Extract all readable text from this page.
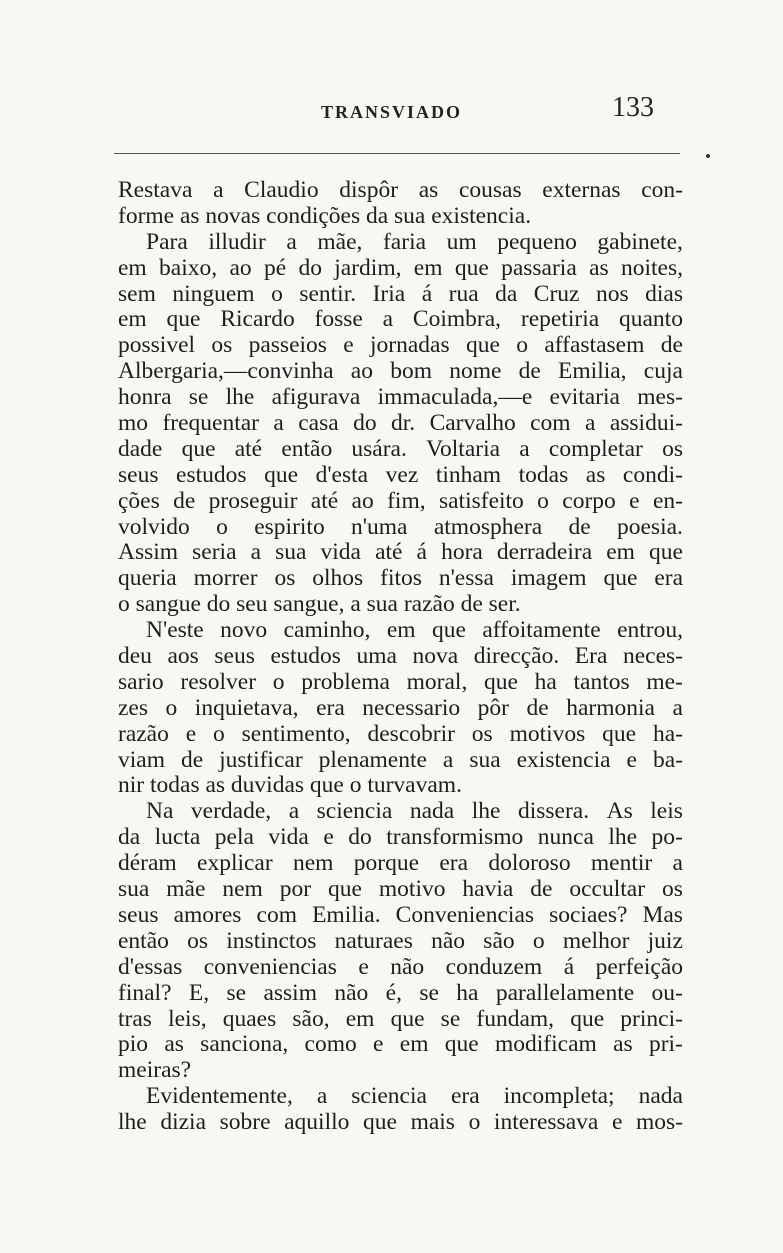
TRANSVIADO	133
Restava a Claudio dispôr as cousas externas con-
forme as novas condições da sua existencia.
Para illudir a mãe, faria um pequeno gabinete,
em baixo, ao pé do jardim, em que passaria as noites,
sem ninguem o sentir. Iria á rua da Cruz nos dias
em que Ricardo fosse a Coimbra, repetiria quanto
possivel os passeios e jornadas que o affastasem de
Albergaria,—convinha ao bom nome de Emilia, cuja
honra se lhe afigurava immaculada,—e evitaria mes-
mo frequentar a casa do dr. Carvalho com a assidui-
dade que até então usára. Voltaria a completar os
seus estudos que d'esta vez tinham todas as condi-
ções de proseguir até ao fim, satisfeito o corpo e en-
volvido o espirito n'uma atmosphera de poesia.
Assim seria a sua vida até á hora derradeira em que
queria morrer os olhos fitos n'essa imagem que era
o sangue do seu sangue, a sua razão de ser.
N'este novo caminho, em que affoitamente entrou,
deu aos seus estudos uma nova direcção. Era neces-
sario resolver o problema moral, que ha tantos me-
zes o inquietava, era necessario pôr de harmonia a
razão e o sentimento, descobrir os motivos que ha-
viam de justificar plenamente a sua existencia e ba-
nir todas as duvidas que o turvavam.
Na verdade, a sciencia nada lhe dissera. As leis
da lucta pela vida e do transformismo nunca lhe po-
déram explicar nem porque era doloroso mentir a
sua mãe nem por que motivo havia de occultar os
seus amores com Emilia. Conveniencias sociaes? Mas
então os instinctos naturaes não são o melhor juiz
d'essas conveniencias e não conduzem á perfeição
final? E, se assim não é, se ha parallelamente ou-
tras leis, quaes são, em que se fundam, que princi-
pio as sanciona, como e em que modificam as pri-
meiras?
Evidentemente, a sciencia era incompleta; nada
lhe dizia sobre aquillo que mais o interessava e mos-
